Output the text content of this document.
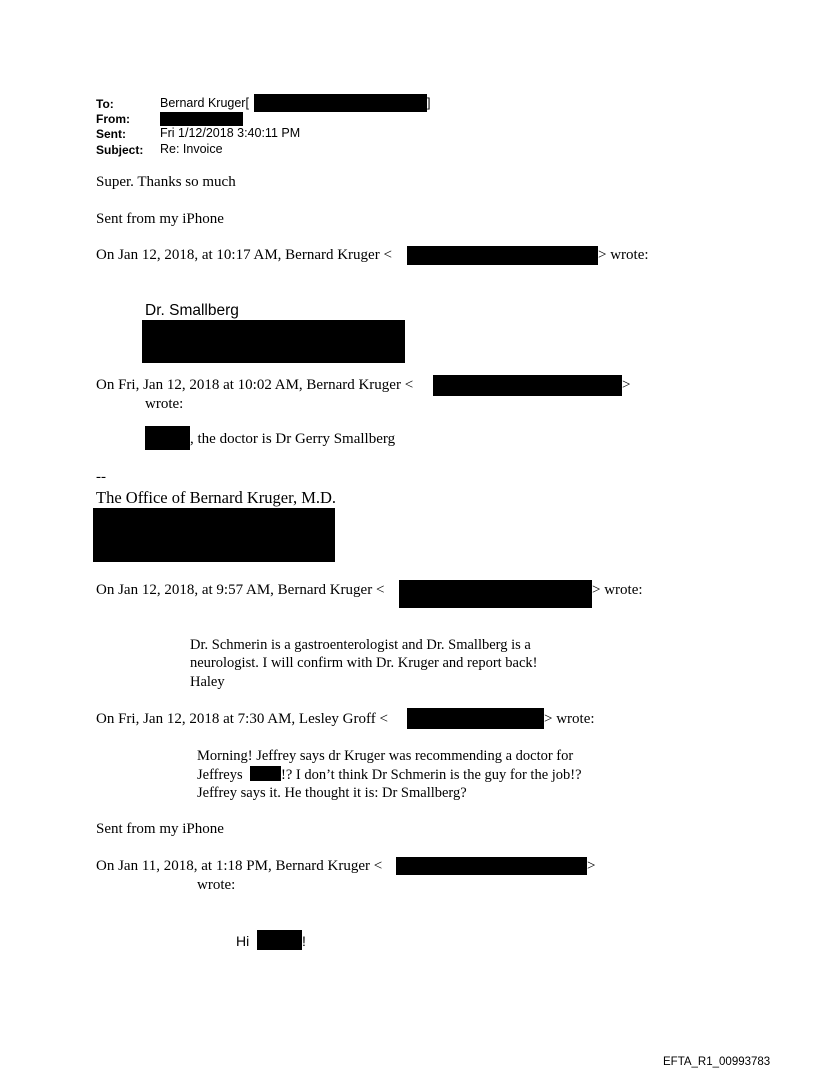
To:	Bernard Kruger[	]
From:
Sent:	Fri 1/12/2018 3:40:11 PM
Subject: Re: Invoice
Super. Thanks so much
Sent from my iPhone
On Jan 12, 2018, at 10:17 AM, Bernard Kruger <	> wrote:
Dr. Smallberg
On Fri, Jan 12, 2018 at 10:02 AM, Bernard Kruger <	>
wrote:
, the doctor is Dr Gerry Smallberg
--
The Office of Bernard Kruger, M.D.
On Jan 12, 2018, at 9:57 AM, Bernard Kruger <	> wrote:
Dr. Schmerin is a gastroenterologist and Dr. Smallberg is a
neurologist. I will confirm with Dr. Kruger and report back!
Haley
On Fri, Jan 12, 2018 at 7:30 AM, Lesley Groff <	> wrote:
Morning! Jeffrey says dr Kruger was recommending a doctor for
Jeffreys	!? I don’t think Dr Schmerin is the guy for the job!?
Jeffrey says it. He thought it is: Dr Smallberg?
Sent from my iPhone
On Jan 11, 2018, at 1:18 PM, Bernard Kruger <	>
wrote:
Hi	!
EFTA_R1_00993783
